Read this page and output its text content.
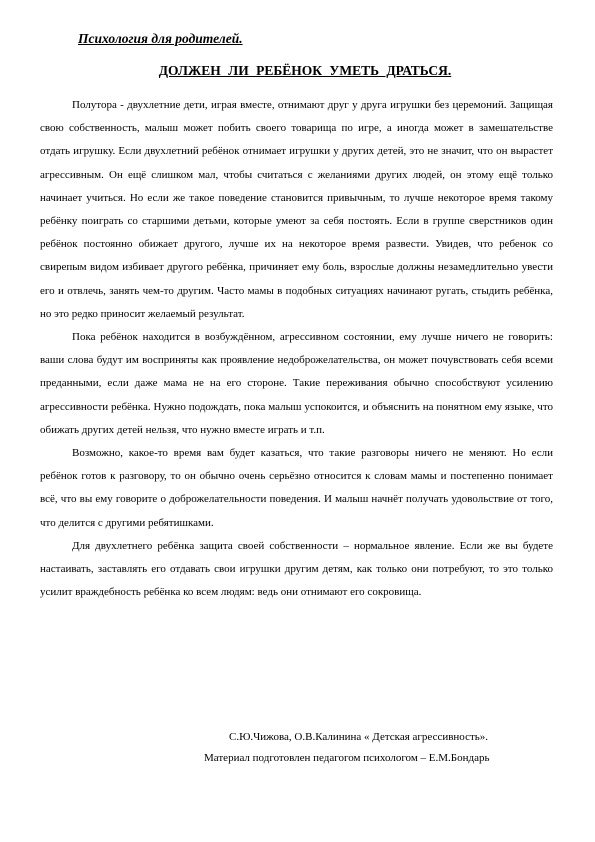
Психология для родителей.
ДОЛЖЕН ЛИ РЕБЁНОК УМЕТЬ ДРАТЬСЯ.

Полутора - двухлетние дети, играя вместе, отнимают друг у друга игрушки без церемоний. Защищая свою собственность, малыш может побить своего товарища по игре, а иногда может в замешательстве отдать игрушку. Если двухлетний ребёнок отнимает игрушки у других детей, это не значит, что он вырастет агрессивным. Он ещё слишком мал, чтобы считаться с желаниями других людей, он этому ещё только начинает учиться. Но если же такое поведение становится привычным, то лучше некоторое время такому ребёнку поиграть со старшими детьми, которые умеют за себя постоять. Если в группе сверстников один ребёнок постоянно обижает другого, лучше их на некоторое время развести. Увидев, что ребенок со свирепым видом избивает другого ребёнка, причиняет ему боль, взрослые должны незамедлительно увести его и отвлечь, занять чем-то другим. Часто мамы в подобных ситуациях начинают ругать, стыдить ребёнка, но это редко приносит желаемый результат.

Пока ребёнок находится в возбуждённом, агрессивном состоянии, ему лучше ничего не говорить: ваши слова будут им восприняты как проявление недоброжелательства, он может почувствовать себя всеми преданными, если даже мама не на его стороне. Такие переживания обычно способствуют усилению агрессивности ребёнка. Нужно подождать, пока малыш успокоится, и объяснить на понятном ему языке, что обижать других детей нельзя, что нужно вместе играть и т.п.

Возможно, какое-то время вам будет казаться, что такие разговоры ничего не меняют. Но если ребёнок готов к разговору, то он обычно очень серьёзно относится к словам мамы и постепенно понимает всё, что вы ему говорите о доброжелательности поведения. И малыш начнёт получать удовольствие от того, что делится с другими ребятишками.

Для двухлетнего ребёнка защита своей собственности – нормальное явление. Если же вы будете настаивать, заставлять его отдавать свои игрушки другим детям, как только они потребуют, то это только усилит враждебность ребёнка ко всем людям: ведь они отнимают его сокровища.

С.Ю.Чижова, О.В.Калинина « Детская агрессивность».
Материал подготовлен педагогом психологом – Е.М.Бондарь
